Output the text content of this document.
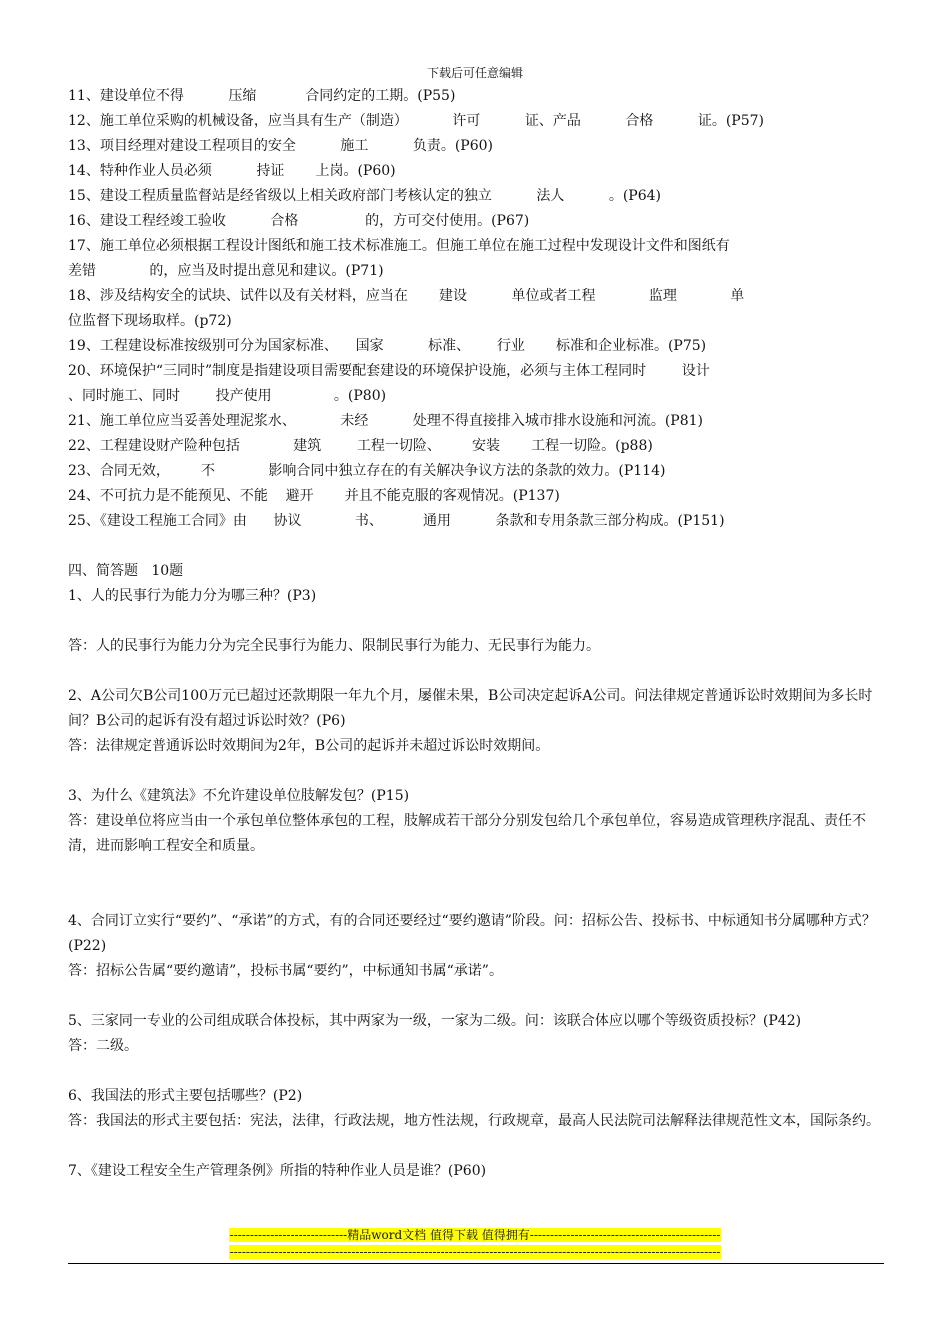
下载后可任意编辑
11、建设单位不得          压缩           合同约定的工期。(P55)
12、施工单位采购的机械设备，应当具有生产（制造）          许可          证、产品          合格          证。(P57)
13、项目经理对建设工程项目的安全          施工          负责。(P60)
14、特种作业人员必须          持证       上岗。(P60)
15、建设工程质量监督站是经省级以上相关政府部门考核认定的独立          法人          。(P64)
16、建设工程经竣工验收          合格               的，方可交付使用。(P67)
17、施工单位必须根据工程设计图纸和施工技术标准施工。但施工单位在施工过程中发现设计文件和图纸有
差错            的，应当及时提出意见和建议。(P71)
18、涉及结构安全的试块、试件以及有关材料，应当在       建设          单位或者工程            监理            单
位监督下现场取样。(p72)
19、工程建设标准按级别可分为国家标准、    国家          标准、      行业       标准和企业标准。(P75)
20、环境保护“三同时”制度是指建设项目需要配套建设的环境保护设施，必须与主体工程同时        设计
、同时施工、同时        投产使用              。(P80)
21、施工单位应当妥善处理泥浆水、          未经          处理不得直接排入城市排水设施和河流。(P81)
22、工程建设财产险种包括            建筑        工程一切险、       安装       工程一切险。(p88)
23、合同无效，       不            影响合同中独立存在的有关解决争议方法的条款的效力。(P114)
24、不可抗力是不能预见、不能    避开       并且不能克服的客观情况。(P137)
25、《建设工程施工合同》由      协议            书、         通用          条款和专用条款三部分构成。(P151)
四、简答题   10题
1、人的民事行为能力分为哪三种？(P3)
答：人的民事行为能力分为完全民事行为能力、限制民事行为能力、无民事行为能力。
2、A公司欠B公司100万元已超过还款期限一年九个月，屡催未果，B公司决定起诉A公司。问法律规定普通诉讼时效期间为多长时间？B公司的起诉有没有超过诉讼时效？(P6)
答：法律规定普通诉讼时效期间为2年，B公司的起诉并未超过诉讼时效期间。
3、为什么《建筑法》不允许建设单位肢解发包？(P15)
答：建设单位将应当由一个承包单位整体承包的工程，肢解成若干部分分别发包给几个承包单位，容易造成管理秩序混乱、责任不清，进而影响工程安全和质量。
4、合同订立实行“要约”、“承诺”的方式，有的合同还要经过“要约邀请”阶段。问：招标公告、投标书、中标通知书分属哪种方式？(P22)
答：招标公告属“要约邀请”，投标书属“要约”，中标通知书属“承诺”。
5、三家同一专业的公司组成联合体投标，其中两家为一级，一家为二级。问：该联合体应以哪个等级资质投标？(P42)
答：二级。
6、我国法的形式主要包括哪些？(P2)
答：我国法的形式主要包括：宪法，法律，行政法规，地方性法规，行政规章，最高人民法院司法解释法律规范性文本，国际条约。
7、《建设工程安全生产管理条例》所指的特种作业人员是谁？(P60)
-----------------------------精品word文档 值得下载 值得拥有-----------------------------------------------
-------------------------------------------------------------------------------------------------------------------------
